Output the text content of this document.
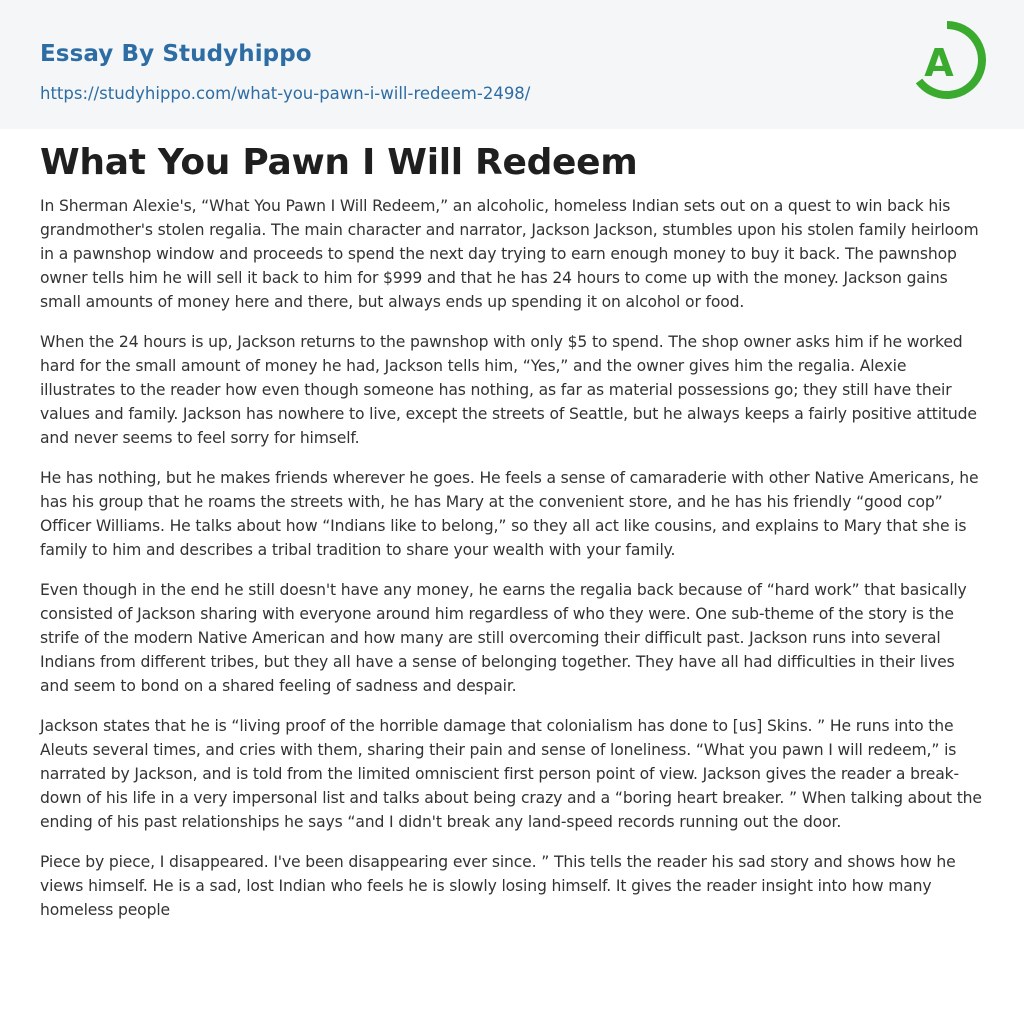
Essay By Studyhippo
https://studyhippo.com/what-you-pawn-i-will-redeem-2498/
A
What You Pawn I Will Redeem

In Sherman Alexie's, “What You Pawn I Will Redeem,” an alcoholic, homeless Indian sets out on a quest to win back his grandmother's stolen regalia. The main character and narrator, Jackson Jackson, stumbles upon his stolen family heirloom in a pawnshop window and proceeds to spend the next day trying to earn enough money to buy it back. The pawnshop owner tells him he will sell it back to him for $999 and that he has 24 hours to come up with the money. Jackson gains small amounts of money here and there, but always ends up spending it on alcohol or food.

When the 24 hours is up, Jackson returns to the pawnshop with only $5 to spend. The shop owner asks him if he worked hard for the small amount of money he had, Jackson tells him, “Yes,” and the owner gives him the regalia. Alexie illustrates to the reader how even though someone has nothing, as far as material possessions go; they still have their values and family. Jackson has nowhere to live, except the streets of Seattle, but he always keeps a fairly positive attitude and never seems to feel sorry for himself.

He has nothing, but he makes friends wherever he goes. He feels a sense of camaraderie with other Native Americans, he has his group that he roams the streets with, he has Mary at the convenient store, and he has his friendly “good cop” Officer Williams. He talks about how “Indians like to belong,” so they all act like cousins, and explains to Mary that she is family to him and describes a tribal tradition to share your wealth with your family.

Even though in the end he still doesn't have any money, he earns the regalia back because of “hard work” that basically consisted of Jackson sharing with everyone around him regardless of who they were. One sub-theme of the story is the strife of the modern Native American and how many are still overcoming their difficult past. Jackson runs into several Indians from different tribes, but they all have a sense of belonging together. They have all had difficulties in their lives and seem to bond on a shared feeling of sadness and despair.

Jackson states that he is “living proof of the horrible damage that colonialism has done to [us] Skins. ” He runs into the Aleuts several times, and cries with them, sharing their pain and sense of loneliness. “What you pawn I will redeem,” is narrated by Jackson, and is told from the limited omniscient first person point of view. Jackson gives the reader a break-down of his life in a very impersonal list and talks about being crazy and a “boring heart breaker. ” When talking about the ending of his past relationships he says “and I didn't break any land-speed records running out the door.

Piece by piece, I disappeared. I've been disappearing ever since. ” This tells the reader his sad story and shows how he views himself. He is a sad, lost Indian who feels he is slowly losing himself. It gives the reader insight into how many homeless people
